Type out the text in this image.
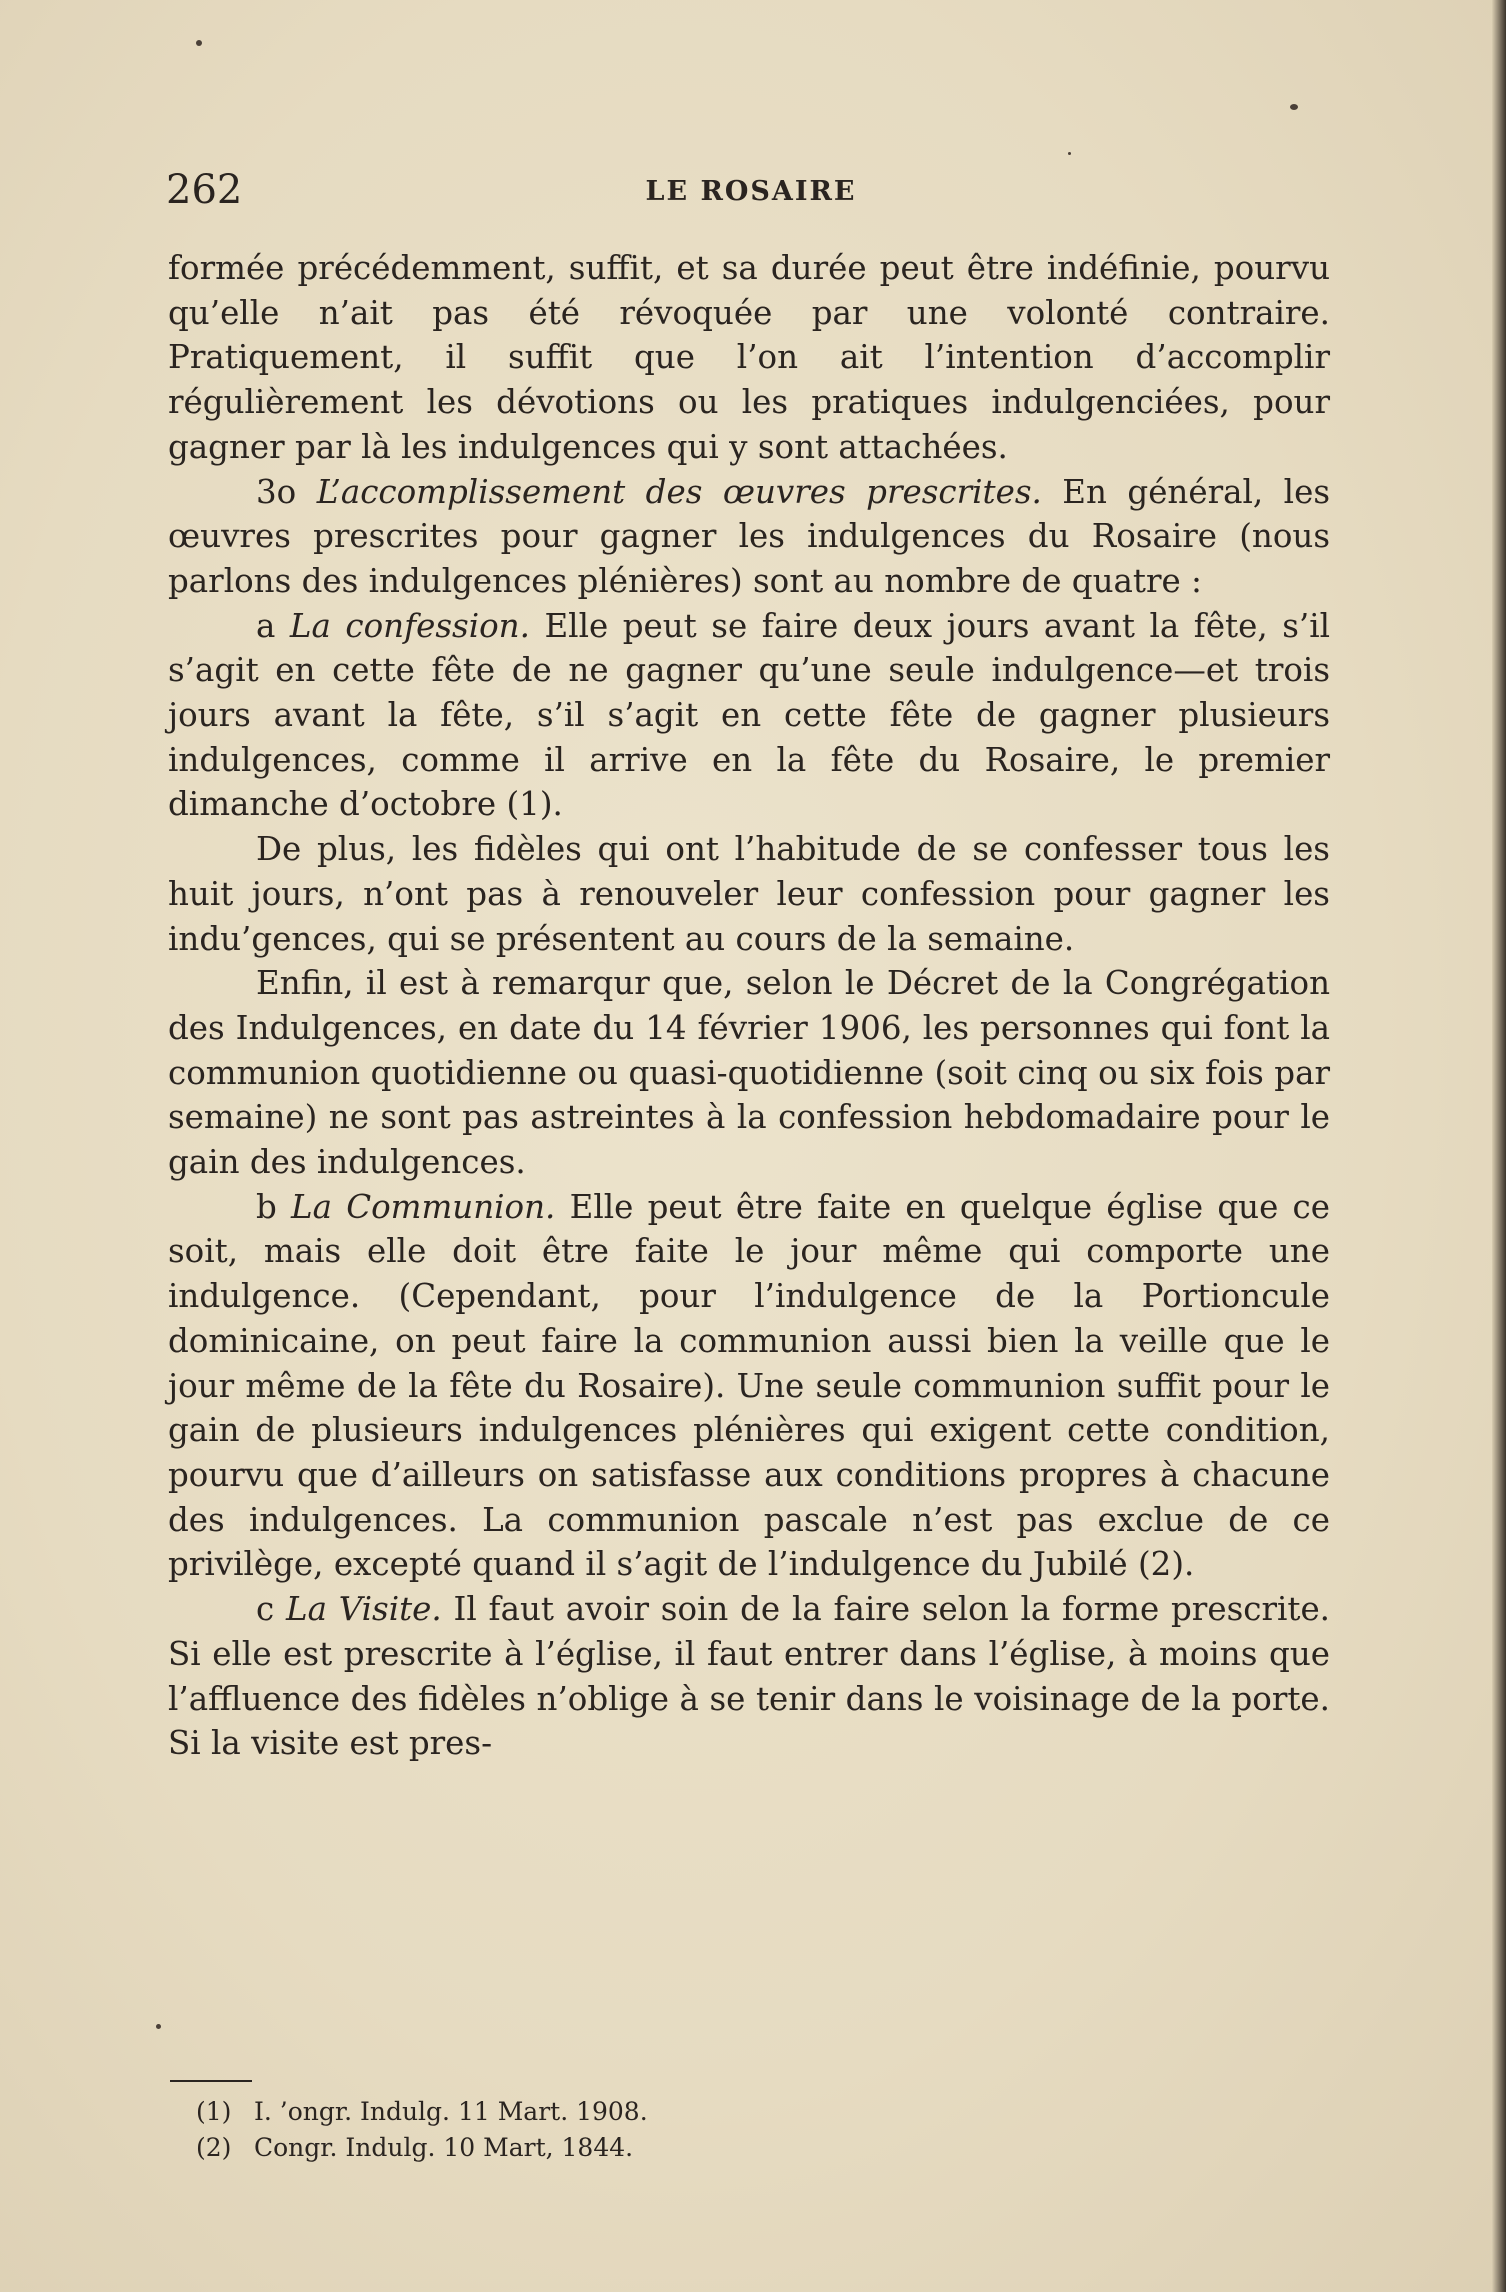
262	LE ROSAIRE

formée précédemment, suffit, et sa durée peut être indéfinie, pourvu qu’elle n’ait pas été révoquée par une volonté contraire. Pratiquement, il suffit que l’on ait l’intention d’accomplir régulièrement les dévotions ou les pratiques indulgenciées, pour gagner par là les indulgences qui y sont attachées.

3o L’accomplissement des œuvres prescrites. En général, les œuvres prescrites pour gagner les indulgences du Rosaire (nous parlons des indulgences plénières) sont au nombre de quatre :

a La confession. Elle peut se faire deux jours avant la fête, s’il s’agit en cette fête de ne gagner qu’une seule indulgence—et trois jours avant la fête, s’il s’agit en cette fête de gagner plusieurs indulgences, comme il arrive en la fête du Rosaire, le premier dimanche d’octobre (1).

De plus, les fidèles qui ont l’habitude de se confesser tous les huit jours, n’ont pas à renouveler leur confession pour gagner les indu’gences, qui se présentent au cours de la semaine.

Enfin, il est à remarqur que, selon le Décret de la Congrégation des Indulgences, en date du 14 février 1906, les personnes qui font la communion quotidienne ou quasi-quotidienne (soit cinq ou six fois par semaine) ne sont pas astreintes à la confession hebdomadaire pour le gain des indulgences.

b La Communion. Elle peut être faite en quelque église que ce soit, mais elle doit être faite le jour même qui comporte une indulgence. (Cependant, pour l’indulgence de la Portioncule dominicaine, on peut faire la communion aussi bien la veille que le jour même de la fête du Rosaire). Une seule communion suffit pour le gain de plusieurs indulgences plénières qui exigent cette condition, pourvu que d’ailleurs on satisfasse aux conditions propres à chacune des indulgences. La communion pascale n’est pas exclue de ce privilège, excepté quand il s’agit de l’indulgence du Jubilé (2).

c La Visite. Il faut avoir soin de la faire selon la forme prescrite. Si elle est prescrite à l’église, il faut entrer dans l’église, à moins que l’affluence des fidèles n’oblige à se tenir dans le voisinage de la porte. Si la visite est pres-

(1) I. ’ongr. Indulg. 11 Mart. 1908.

(2) Congr. Indulg. 10 Mart, 1844.
